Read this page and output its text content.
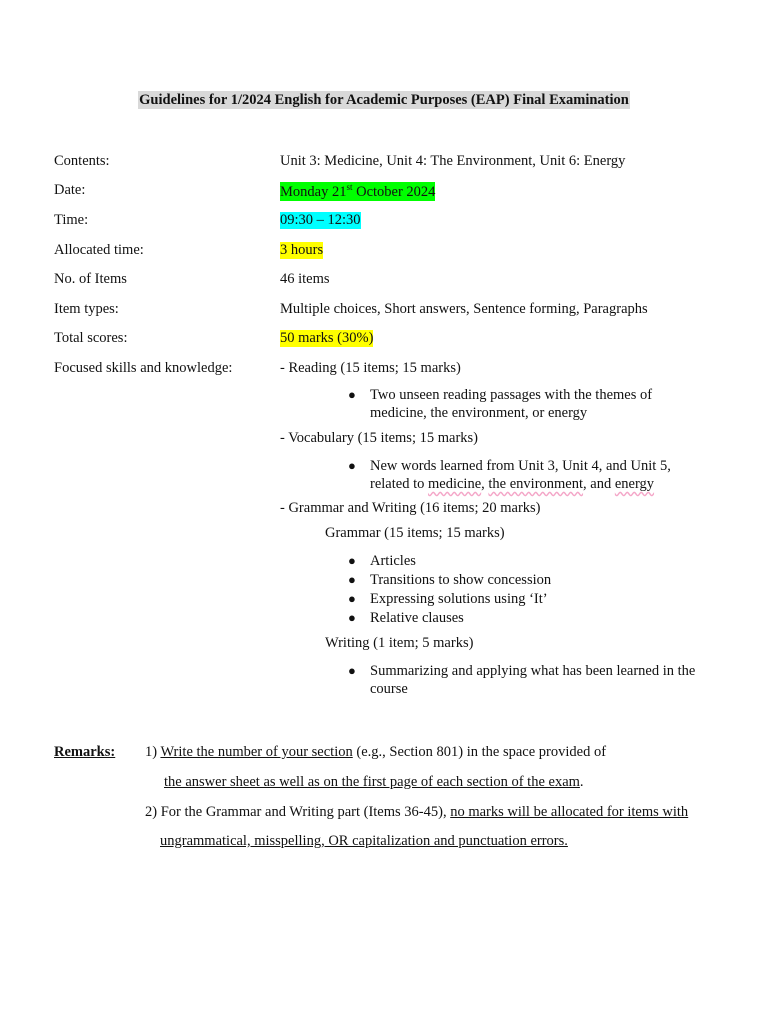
Guidelines for 1/2024 English for Academic Purposes (EAP) Final Examination
Contents:	Unit 3: Medicine, Unit 4: The Environment, Unit 6: Energy
Date:	Monday 21st October 2024
Time:	09:30 – 12:30
Allocated time:	3 hours
No. of Items	46 items
Item types:	Multiple choices, Short answers, Sentence forming, Paragraphs
Total scores:	50 marks (30%)
Focused skills and knowledge:	- Reading (15 items; 15 marks)
● Two unseen reading passages with the themes of
medicine, the environment, or energy
- Vocabulary (15 items; 15 marks)
● New words learned from Unit 3, Unit 4, and Unit 5,
related to medicine, the environment, and energy
- Grammar and Writing (16 items; 20 marks)
Grammar (15 items; 15 marks)
● Articles
● Transitions to show concession
● Expressing solutions using ‘It’
● Relative clauses
Writing (1 item; 5 marks)
● Summarizing and applying what has been learned in the
course
Remarks: 1) Write the number of your section (e.g., Section 801) in the space provided of
the answer sheet as well as on the first page of each section of the exam.
2) For the Grammar and Writing part (Items 36-45), no marks will be allocated for items with
ungrammatical, misspelling, OR capitalization and punctuation errors.
